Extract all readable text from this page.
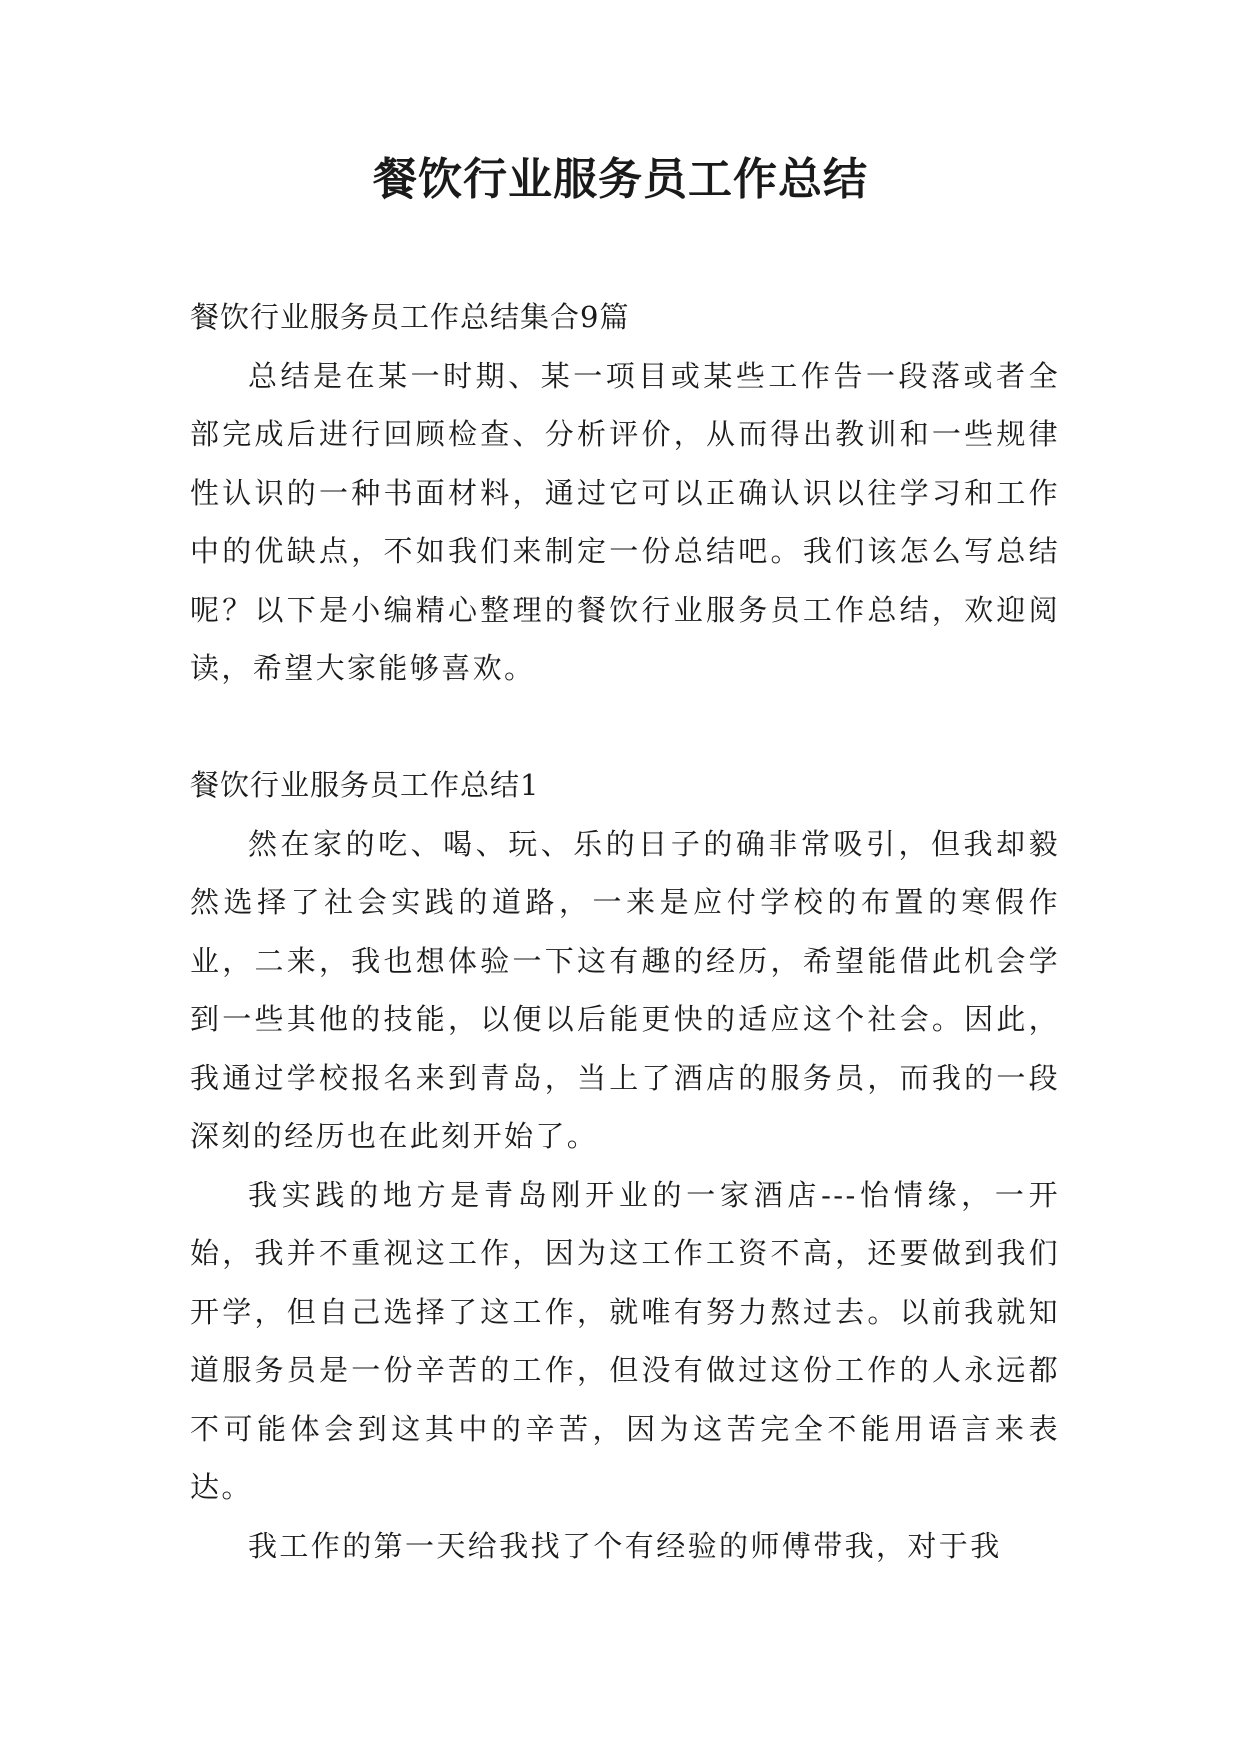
餐饮行业服务员工作总结

餐饮行业服务员工作总结集合9篇

总结是在某一时期、某一项目或某些工作告一段落或者全部完成后进行回顾检查、分析评价，从而得出教训和一些规律性认识的一种书面材料，通过它可以正确认识以往学习和工作中的优缺点，不如我们来制定一份总结吧。我们该怎么写总结呢？以下是小编精心整理的餐饮行业服务员工作总结，欢迎阅读，希望大家能够喜欢。

餐饮行业服务员工作总结1

然在家的吃、喝、玩、乐的日子的确非常吸引，但我却毅然选择了社会实践的道路，一来是应付学校的布置的寒假作业，二来，我也想体验一下这有趣的经历，希望能借此机会学到一些其他的技能，以便以后能更快的适应这个社会。因此，我通过学校报名来到青岛，当上了酒店的服务员，而我的一段深刻的经历也在此刻开始了。

我实践的地方是青岛刚开业的一家酒店---怡情缘，一开始，我并不重视这工作，因为这工作工资不高，还要做到我们开学，但自己选择了这工作，就唯有努力熬过去。以前我就知道服务员是一份辛苦的工作，但没有做过这份工作的人永远都不可能体会到这其中的辛苦，因为这苦完全不能用语言来表达。

我工作的第一天给我找了个有经验的师傅带我，对于我
